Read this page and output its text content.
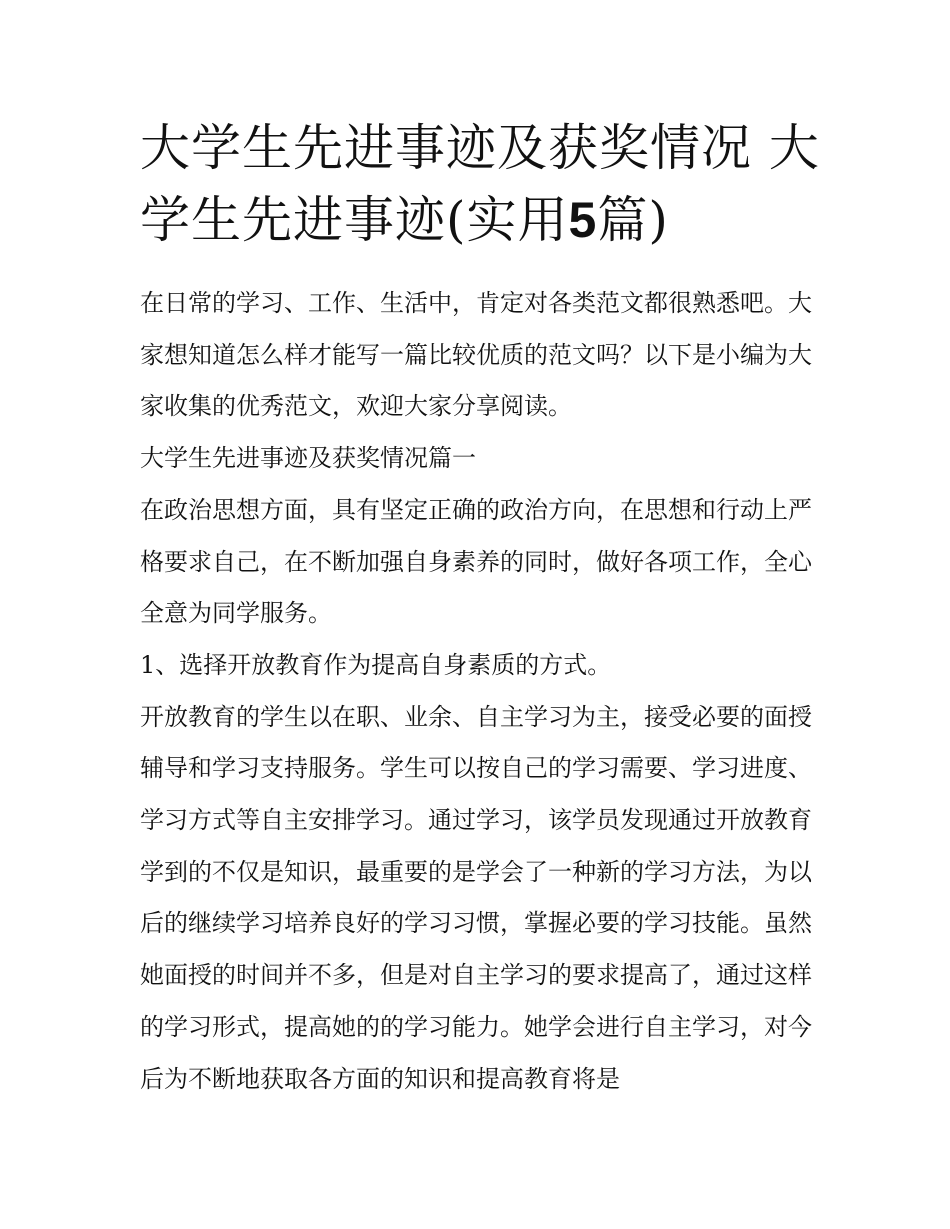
大学生先进事迹及获奖情况 大学生先进事迹(实用5篇)

在日常的学习、工作、生活中，肯定对各类范文都很熟悉吧。大家想知道怎么样才能写一篇比较优质的范文吗？以下是小编为大家收集的优秀范文，欢迎大家分享阅读。

大学生先进事迹及获奖情况篇一

在政治思想方面，具有坚定正确的政治方向，在思想和行动上严格要求自己，在不断加强自身素养的同时，做好各项工作，全心全意为同学服务。

1、选择开放教育作为提高自身素质的方式。

开放教育的学生以在职、业余、自主学习为主，接受必要的面授辅导和学习支持服务。学生可以按自己的学习需要、学习进度、学习方式等自主安排学习。通过学习，该学员发现通过开放教育学到的不仅是知识，最重要的是学会了一种新的学习方法，为以后的继续学习培养良好的学习习惯，掌握必要的学习技能。虽然她面授的时间并不多，但是对自主学习的要求提高了，通过这样的学习形式，提高她的的学习能力。她学会进行自主学习，对今后为不断地获取各方面的知识和提高教育将是
